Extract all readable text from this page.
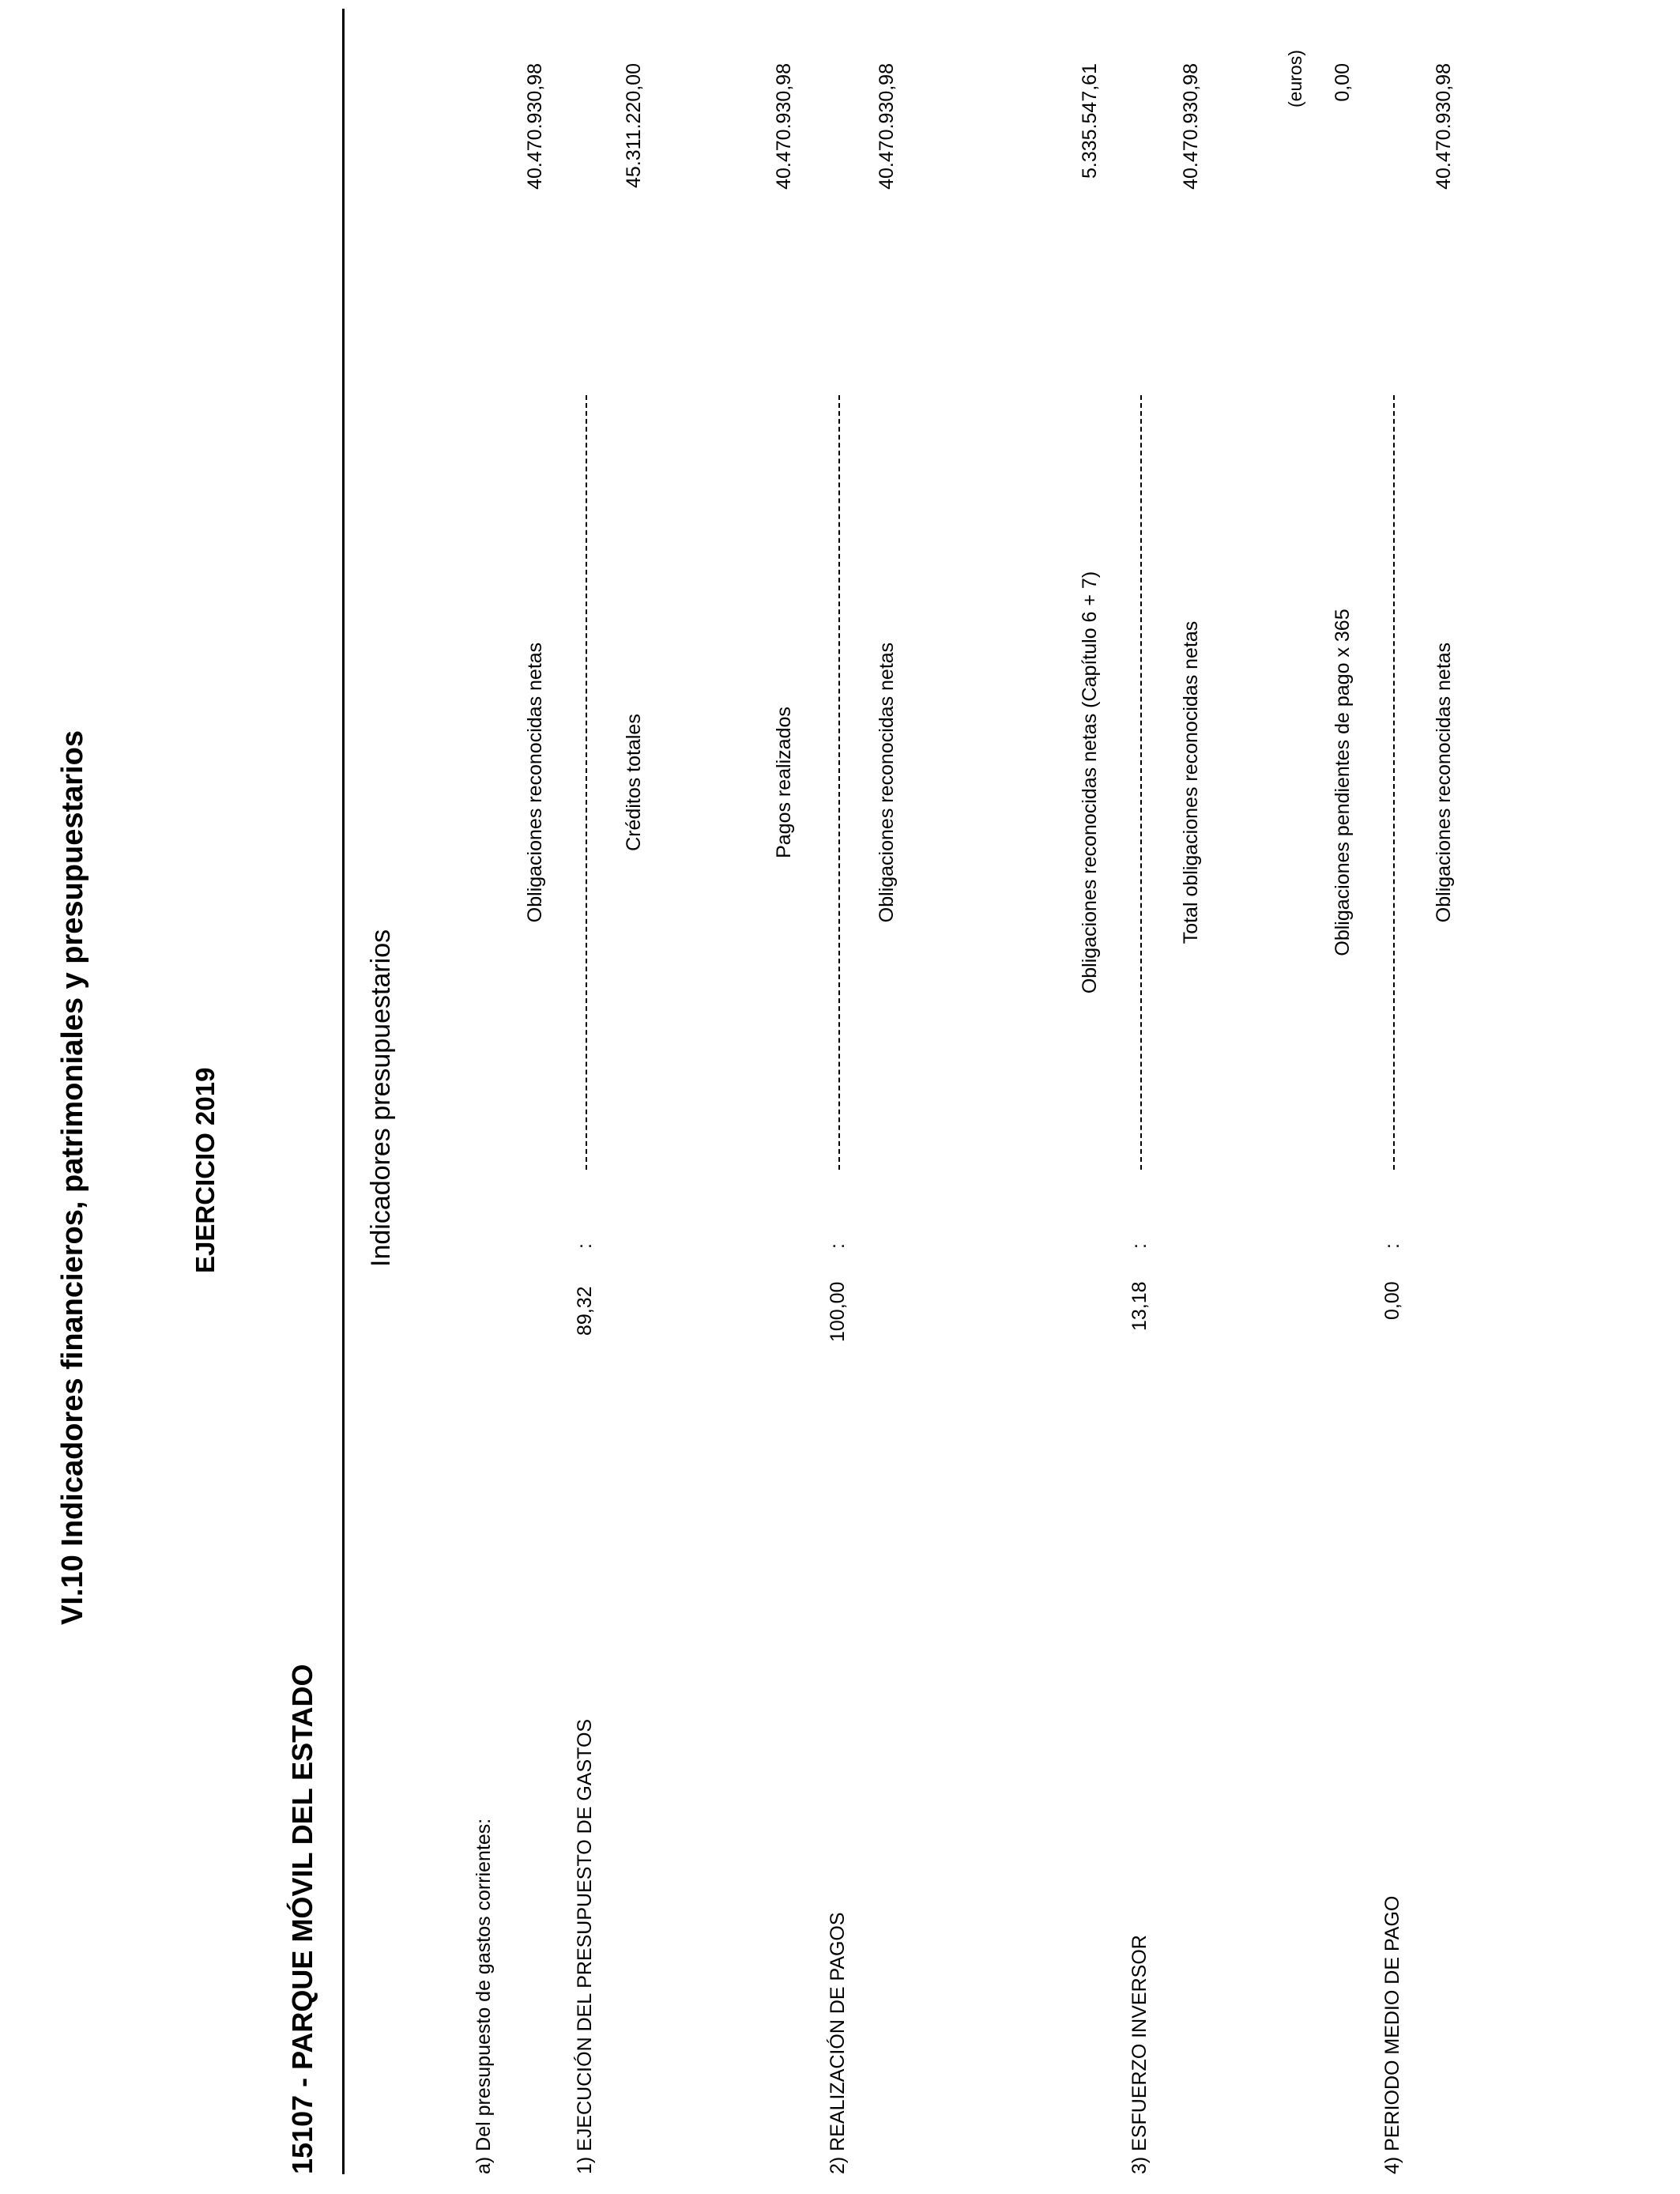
VI.10 Indicadores financieros, patrimoniales y presupuestarios	EJERCICIO 2019
15107 - PARQUE MÓVIL DEL ESTADO
Indicadores presupuestarios
(euros)
a) Del presupuesto de gastos corrientes:	1) EJECUCIÓN DEL PRESUPUESTO DE GASTOS
89,32
:
Obligaciones reconocidas netas
40.470.930,98
Créditos totales
45.311.220,00
2) REALIZACIÓN DE PAGOS
100,00
:
Pagos realizados
40.470.930,98
Obligaciones reconocidas netas
40.470.930,98
3) ESFUERZO INVERSOR
13,18
:
Obligaciones reconocidas netas (Capítulo 6 + 7)
5.335.547,61
Total obligaciones reconocidas netas
40.470.930,98
4) PERIODO MEDIO DE PAGO
0,00
:
Obligaciones pendientes de pago x 365
0,00
Obligaciones reconocidas netas
40.470.930,98
